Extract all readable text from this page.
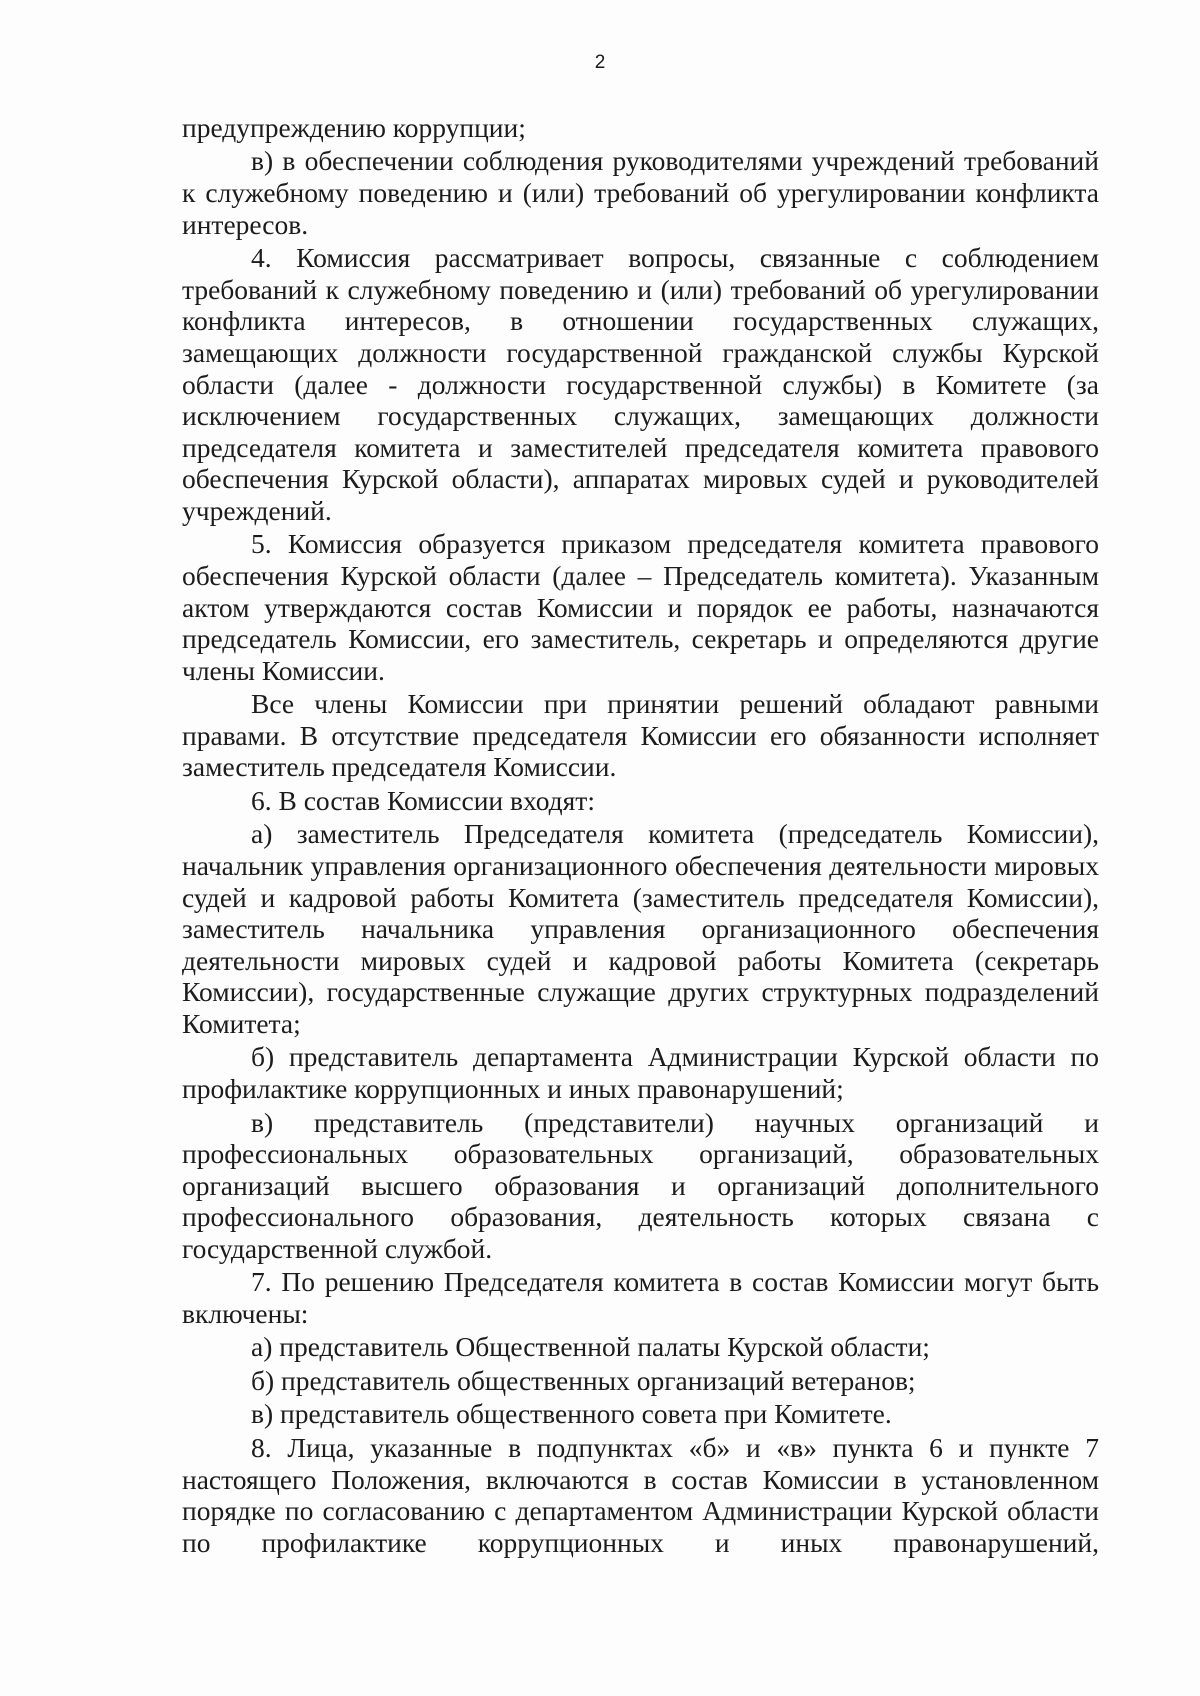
2

предупреждению коррупции;

в) в обеспечении соблюдения руководителями учреждений требований к служебному поведению и (или) требований об урегулировании конфликта интересов.

4. Комиссия рассматривает вопросы, связанные с соблюдением требований к служебному поведению и (или) требований об урегулировании конфликта интересов, в отношении государственных служащих, замещающих должности государственной гражданской службы Курской области (далее - должности государственной службы) в Комитете (за исключением государственных служащих, замещающих должности председателя комитета и заместителей председателя комитета правового обеспечения Курской области), аппаратах мировых судей и руководителей учреждений.

5. Комиссия образуется приказом председателя комитета правового обеспечения Курской области (далее – Председатель комитета). Указанным актом утверждаются состав Комиссии и порядок ее работы, назначаются председатель Комиссии, его заместитель, секретарь и определяются другие члены Комиссии.

Все члены Комиссии при принятии решений обладают равными правами. В отсутствие председателя Комиссии его обязанности исполняет заместитель председателя Комиссии.

6. В состав Комиссии входят:

а) заместитель Председателя комитета (председатель Комиссии), начальник управления организационного обеспечения деятельности мировых судей и кадровой работы Комитета (заместитель председателя Комиссии), заместитель начальника управления организационного обеспечения деятельности мировых судей и кадровой работы Комитета (секретарь Комиссии), государственные служащие других структурных подразделений Комитета;

б) представитель департамента Администрации Курской области по профилактике коррупционных и иных правонарушений;

в) представитель (представители) научных организаций и профессиональных образовательных организаций, образовательных организаций высшего образования и организаций дополнительного профессионального образования, деятельность которых связана с государственной службой.

7. По решению Председателя комитета в состав Комиссии могут быть включены:

а) представитель Общественной палаты Курской области;

б) представитель общественных организаций ветеранов;

в) представитель общественного совета при Комитете.

8. Лица, указанные в подпунктах «б» и «в» пункта 6 и пункте 7 настоящего Положения, включаются в состав Комиссии в установленном порядке по согласованию с департаментом Администрации Курской области по профилактике коррупционных и иных правонарушений,
